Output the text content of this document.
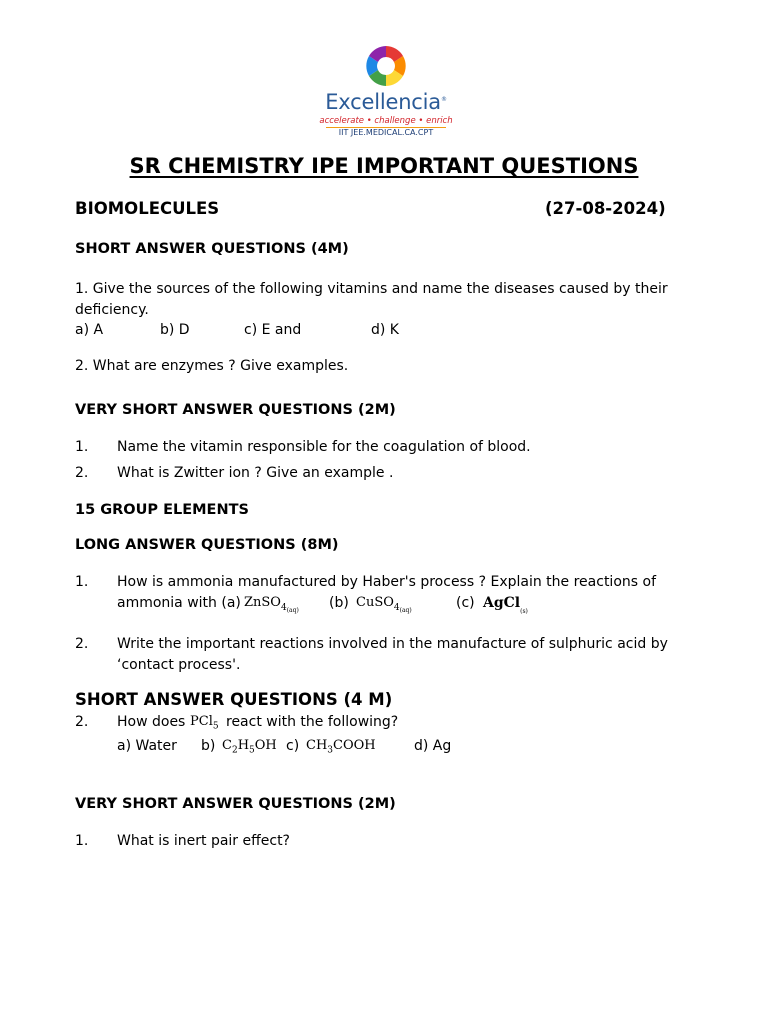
Excellencia®
accelerate • challenge • enrich
IIT JEE.MEDICAL.CA.CPT
SR CHEMISTRY IPE IMPORTANT QUESTIONS
BIOMOLECULES	(27-08-2024)
SHORT ANSWER QUESTIONS (4M)
1. Give the sources of the following vitamins and name the diseases caused by their
deficiency.
a) A	b) D	c) E and	d) K
2. What are enzymes ? Give examples.
VERY SHORT ANSWER QUESTIONS (2M)
1. Name the vitamin responsible for the coagulation of blood.
2. What is Zwitter ion ? Give an example .
15 GROUP ELEMENTS
LONG ANSWER QUESTIONS (8M)
1. How is ammonia manufactured by Haber's process ? Explain the reactions of
ammonia with (a) ZnSO$_{4_{(aq)}}$ (b) CuSO$_{4_{(aq)}}$	(c) AgCl$_{_{(s)}}$
2. Write the important reactions involved in the manufacture of sulphuric acid by
‘contact process'.
SHORT ANSWER QUESTIONS (4 M)
2. How does PCl$_5$ react with the following?
a) Water b) $C_2H_5OH$ c) $CH_3COOH$	d) Ag
VERY SHORT ANSWER QUESTIONS (2M)
1. What is inert pair effect?
